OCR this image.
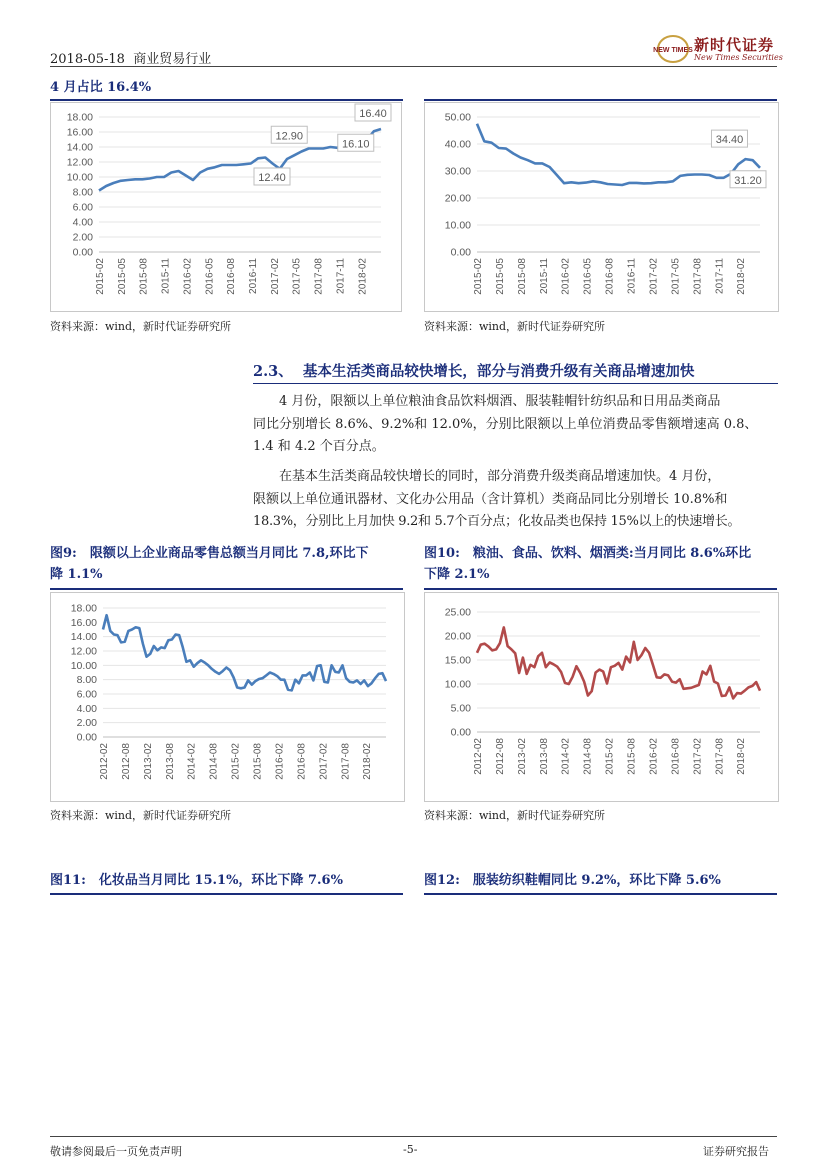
2018-05-18 商业贸易行业
NEW TIMES 新时代证券
New Times Securities
4 月占比 16.4%
0.00
2.00
4.00
6.00
8.00
10.00
12.00
14.00
16.00
18.00
2015-02 2015-05 2015-08 2015-11 2016-02 2016-05 2016-08 2016-11 2017-02 2017-05 2017-08 2017-11 2018-02
12.90
12.40
16.40
16.10
资料来源：wind，新时代证券研究所
0.00
10.00
20.00
30.00
40.00
50.00
2015-02 2015-05 2015-08 2015-11 2016-02 2016-05 2016-08 2016-11 2017-02 2017-05 2017-08 2017-11 2018-02
34.40
31.20
资料来源：wind，新时代证券研究所
2.3、 基本生活类商品较快增长，部分与消费升级有关商品增速加快
4 月份，限额以上单位粮油食品饮料烟酒、服装鞋帽针纺织品和日用品类商品
同比分别增长 8.6%、9.2%和 12.0%，分别比限额以上单位消费品零售额增速高 0.8、
1.4 和 4.2 个百分点。
在基本生活类商品较快增长的同时，部分消费升级类商品增速加快。4 月份，
限额以上单位通讯器材、文化办公用品（含计算机）类商品同比分别增长 10.8%和
18.3%，分别比上月加快 9.2和 5.7个百分点；化妆品类也保持 15%以上的快速增长。
图9:　限额以上企业商品零售总额当月同比 7.8,环比下
降 1.1%
图10:　粮油、食品、饮料、烟酒类:当月同比 8.6%环比
下降 2.1%
0.00
2.00
4.00
6.00
8.00
10.00
12.00
14.00
16.00
18.00
2012-02 2012-08 2013-02 2013-08 2014-02 2014-08 2015-02 2015-08 2016-02 2016-08 2017-02 2017-08 2018-02
资料来源：wind，新时代证券研究所
0.00
5.00
10.00
15.00
20.00
25.00
2012-02 2012-08 2013-02 2013-08 2014-02 2014-08 2015-02 2015-08 2016-02 2016-08 2017-02 2017-08 2018-02
资料来源：wind，新时代证券研究所
图11:　化妆品当月同比 15.1%，环比下降 7.6%	图12:　服装纺织鞋帽同比 9.2%，环比下降 5.6%
敬请参阅最后一页免责声明	-5-	证券研究报告
